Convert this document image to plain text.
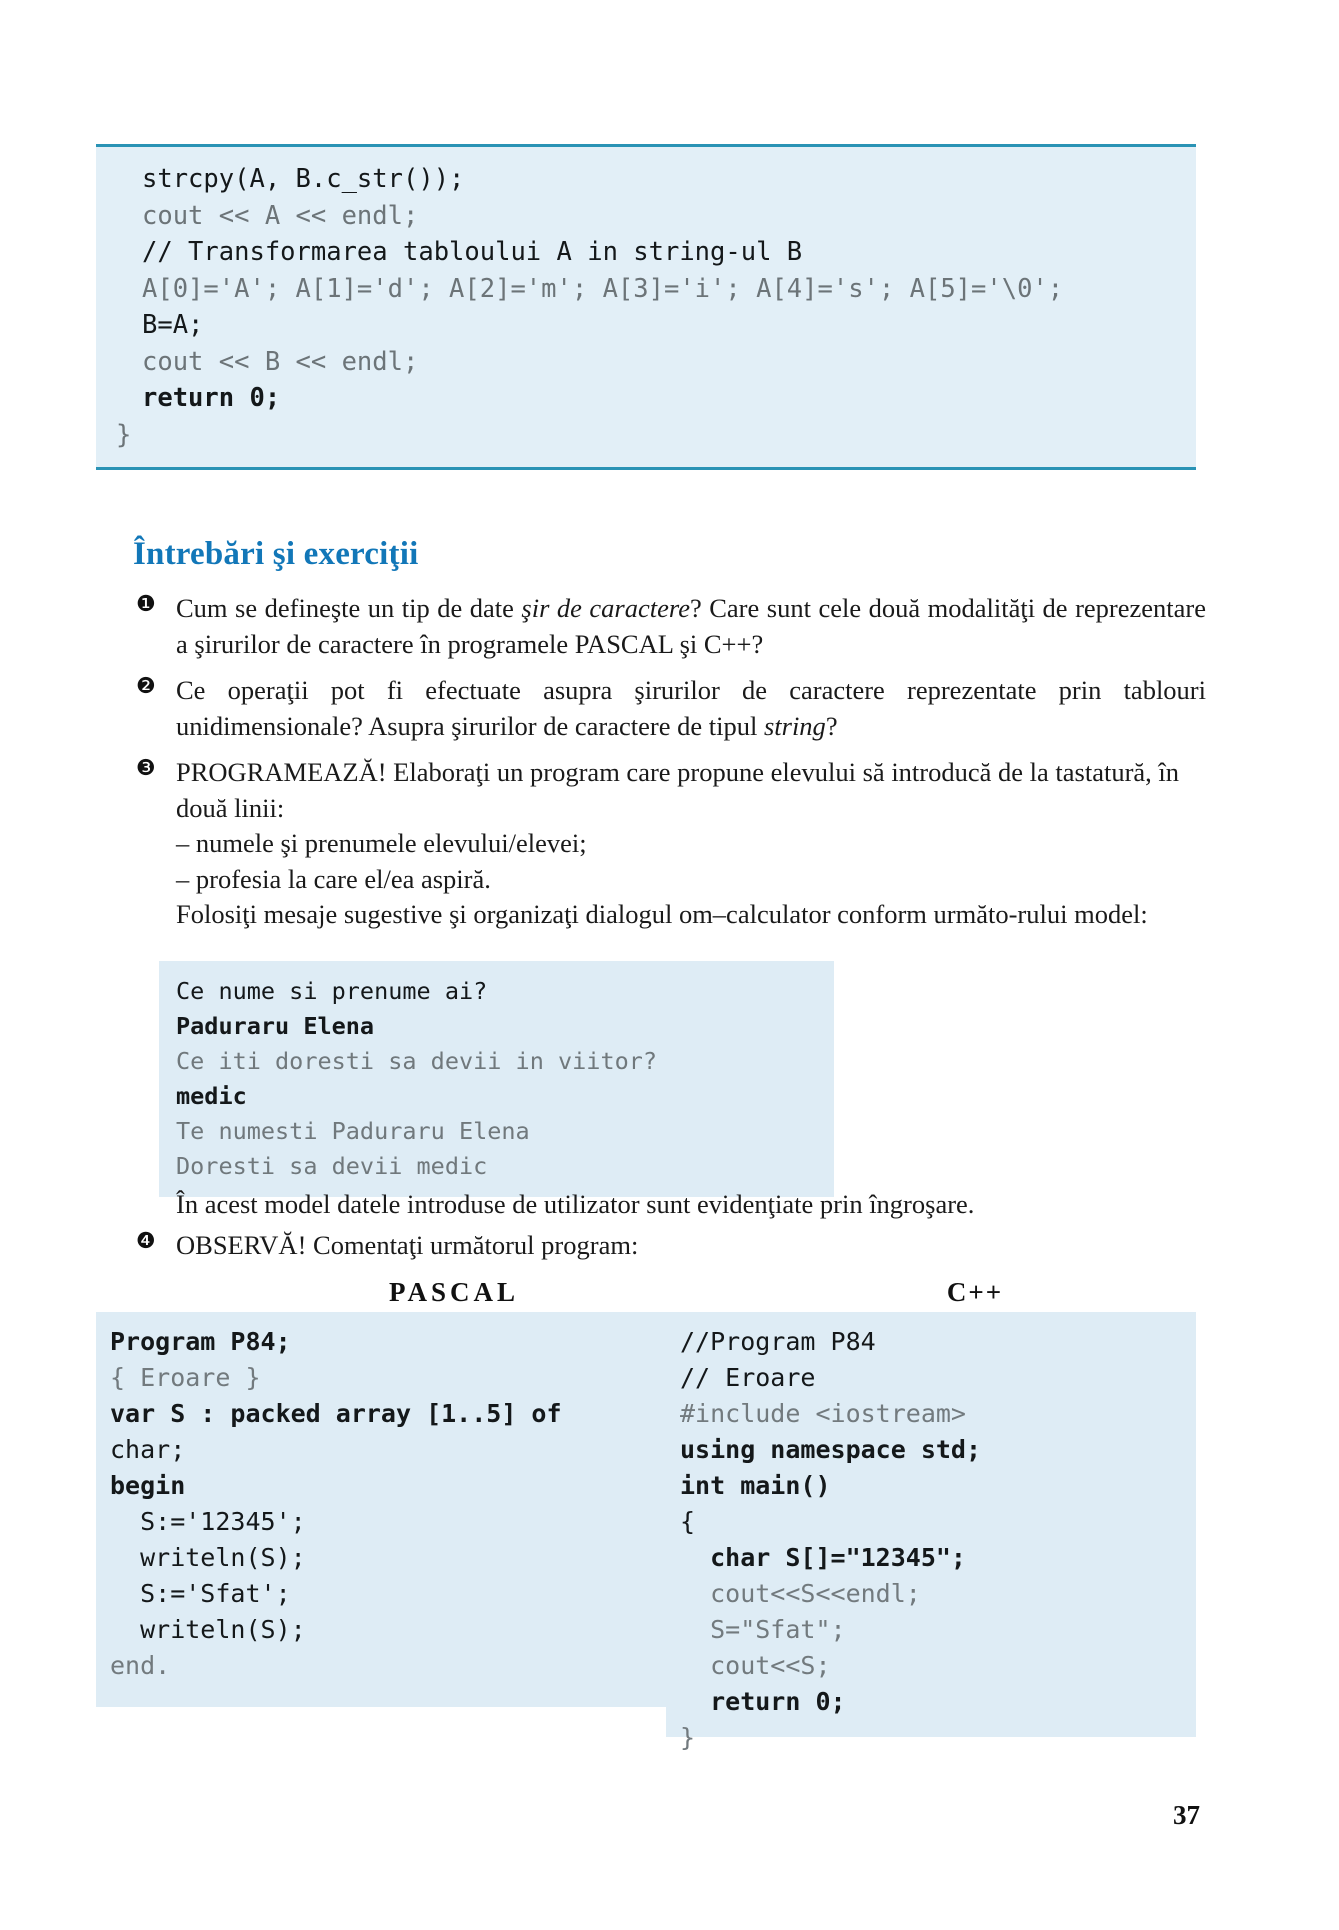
strcpy(A, B.c_str());
cout << A << endl;
// Transformarea tabloului A in string-ul B
A[0]='A'; A[1]='d'; A[2]='m'; A[3]='i'; A[4]='s'; A[5]='\0';
B=A;
cout << B << endl;
return 0;
}
Întrebări şi exerciţii
❶ Cum se defineşte un tip de date şir de caractere? Care sunt cele două modalităţi de reprezentare a şirurilor de caractere în programele PASCAL şi C++?
❷ Ce operaţii pot fi efectuate asupra şirurilor de caractere reprezentate prin tablouri unidimensionale? Asupra şirurilor de caractere de tipul string?
❸ PROGRAMEAZĂ! Elaboraţi un program care propune elevului să introducă de la tastatură, în două linii:
– numele şi prenumele elevului/elevei;
– profesia la care el/ea aspiră.
Folosiţi mesaje sugestive şi organizaţi dialogul om–calculator conform următo-rului model:
Ce nume si prenume ai?
Paduraru Elena
Ce iti doresti sa devii in viitor?
medic
Te numesti Paduraru Elena
Doresti sa devii medic
În acest model datele introduse de utilizator sunt evidenţiate prin îngroşare.
❹ OBSERVĂ! Comentaţi următorul program:
PASCAL	C++
Program P84;
{ Eroare }
var S : packed array [1..5] of
char;
begin
S:='12345';
writeln(S);
S:='Sfat';
writeln(S);
end.
//Program P84
// Eroare
#include <iostream>
using namespace std;
int main()
{
char S[]="12345";
cout<<S<<endl;
S="Sfat";
cout<<S;
return 0;
}
37
